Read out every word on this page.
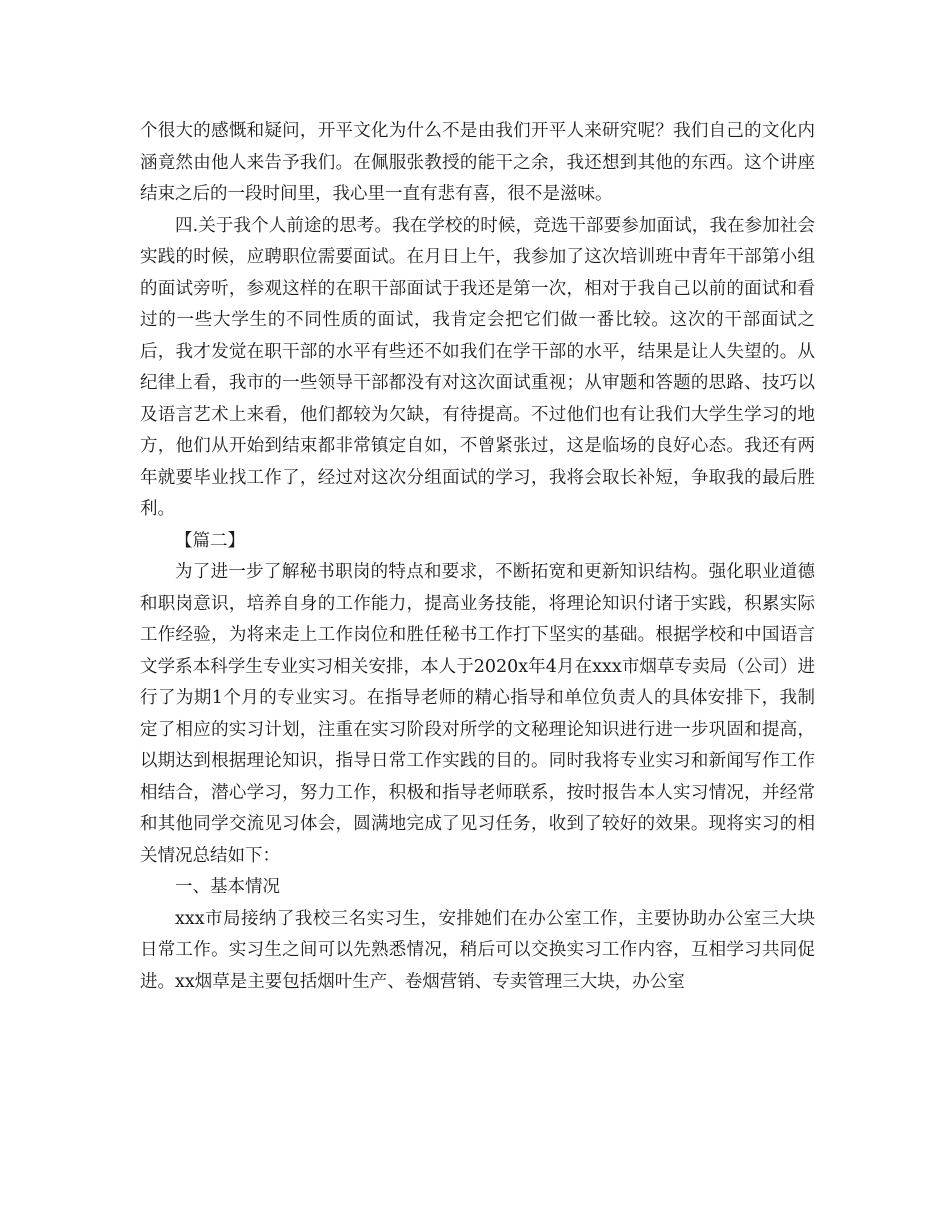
个很大的感慨和疑问，开平文化为什么不是由我们开平人来研究呢？我们自己的文化内涵竟然由他人来告予我们。在佩服张教授的能干之余，我还想到其他的东西。这个讲座结束之后的一段时间里，我心里一直有悲有喜，很不是滋味。

四.关于我个人前途的思考。我在学校的时候，竞选干部要参加面试，我在参加社会实践的时候，应聘职位需要面试。在月日上午，我参加了这次培训班中青年干部第小组的面试旁听，参观这样的在职干部面试于我还是第一次，相对于我自己以前的面试和看过的一些大学生的不同性质的面试，我肯定会把它们做一番比较。这次的干部面试之后，我才发觉在职干部的水平有些还不如我们在学干部的水平，结果是让人失望的。从纪律上看，我市的一些领导干部都没有对这次面试重视；从审题和答题的思路、技巧以及语言艺术上来看，他们都较为欠缺，有待提高。不过他们也有让我们大学生学习的地方，他们从开始到结束都非常镇定自如，不曾紧张过，这是临场的良好心态。我还有两年就要毕业找工作了，经过对这次分组面试的学习，我将会取长补短，争取我的最后胜利。

【篇二】

为了进一步了解秘书职岗的特点和要求，不断拓宽和更新知识结构。强化职业道德和职岗意识，培养自身的工作能力，提高业务技能，将理论知识付诸于实践，积累实际工作经验，为将来走上工作岗位和胜任秘书工作打下坚实的基础。根据学校和中国语言文学系本科学生专业实习相关安排，本人于2020x年4月在xxx市烟草专卖局（公司）进行了为期1个月的专业实习。在指导老师的精心指导和单位负责人的具体安排下，我制定了相应的实习计划，注重在实习阶段对所学的文秘理论知识进行进一步巩固和提高，以期达到根据理论知识，指导日常工作实践的目的。同时我将专业实习和新闻写作工作相结合，潜心学习，努力工作，积极和指导老师联系，按时报告本人实习情况，并经常和其他同学交流见习体会，圆满地完成了见习任务，收到了较好的效果。现将实习的相关情况总结如下：

一、基本情况

xxx市局接纳了我校三名实习生，安排她们在办公室工作，主要协助办公室三大块日常工作。实习生之间可以先熟悉情况，稍后可以交换实习工作内容，互相学习共同促进。xx烟草是主要包括烟叶生产、卷烟营销、专卖管理三大块，办公室
